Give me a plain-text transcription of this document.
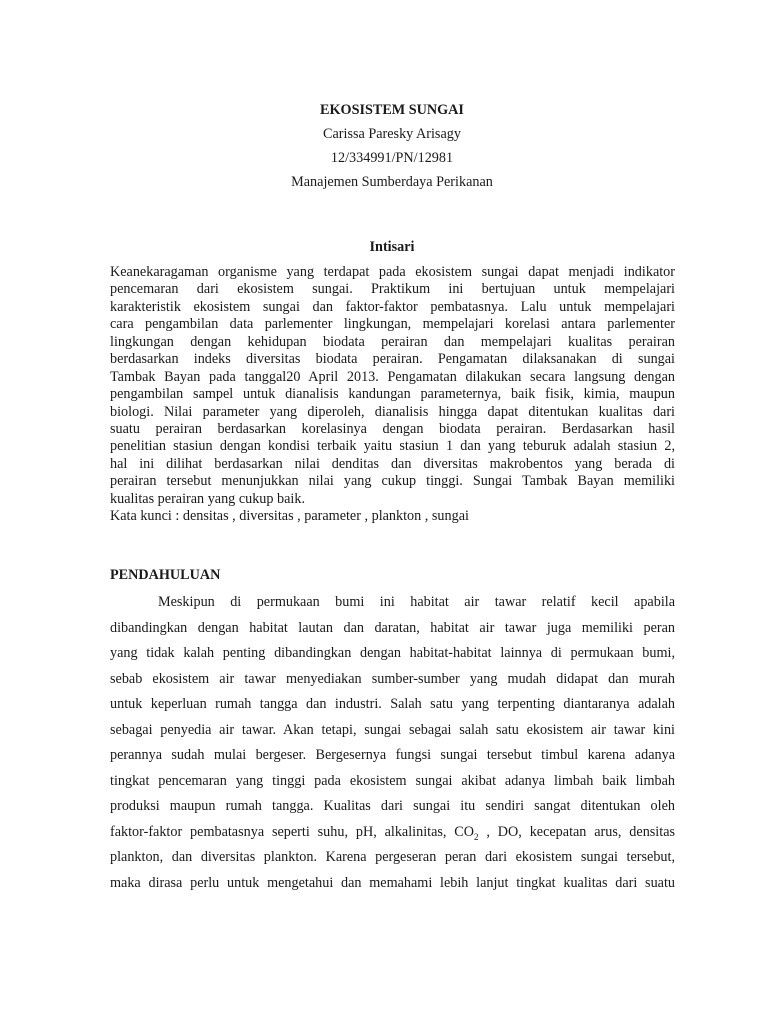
EKOSISTEM SUNGAI
Carissa Paresky Arisagy
12/334991/PN/12981
Manajemen Sumberdaya Perikanan
Intisari
Keanekaragaman organisme yang terdapat pada ekosistem sungai dapat menjadi indikator
pencemaran dari ekosistem sungai. Praktikum ini bertujuan untuk mempelajari
karakteristik ekosistem sungai dan faktor-faktor pembatasnya. Lalu untuk mempelajari
cara pengambilan data parlementer lingkungan, mempelajari korelasi antara parlementer
lingkungan dengan kehidupan biodata perairan dan mempelajari kualitas perairan
berdasarkan indeks diversitas biodata perairan. Pengamatan dilaksanakan di sungai
Tambak Bayan pada tanggal20 April 2013. Pengamatan dilakukan secara langsung dengan
pengambilan sampel untuk dianalisis kandungan parameternya, baik fisik, kimia, maupun
biologi. Nilai parameter yang diperoleh, dianalisis hingga dapat ditentukan kualitas dari
suatu perairan berdasarkan korelasinya dengan biodata perairan. Berdasarkan hasil
penelitian stasiun dengan kondisi terbaik yaitu stasiun 1 dan yang teburuk adalah stasiun 2,
hal ini dilihat berdasarkan nilai denditas dan diversitas makrobentos yang berada di
perairan tersebut menunjukkan nilai yang cukup tinggi. Sungai Tambak Bayan memiliki
kualitas perairan yang cukup baik.
Kata kunci : densitas , diversitas , parameter , plankton , sungai
PENDAHULUAN
Meskipun di permukaan bumi ini habitat air tawar relatif kecil apabila
dibandingkan dengan habitat lautan dan daratan, habitat air tawar juga memiliki peran
yang tidak kalah penting dibandingkan dengan habitat-habitat lainnya di permukaan bumi,
sebab ekosistem air tawar menyediakan sumber-sumber yang mudah didapat dan murah
untuk keperluan rumah tangga dan industri. Salah satu yang terpenting diantaranya adalah
sebagai penyedia air tawar. Akan tetapi, sungai sebagai salah satu ekosistem air tawar kini
perannya sudah mulai bergeser. Bergesernya fungsi sungai tersebut timbul karena adanya
tingkat pencemaran yang tinggi pada ekosistem sungai akibat adanya limbah baik limbah
produksi maupun rumah tangga. Kualitas dari sungai itu sendiri sangat ditentukan oleh
faktor-faktor pembatasnya seperti suhu, pH, alkalinitas, $CO_2$ , DO, kecepatan arus, densitas
plankton, dan diversitas plankton. Karena pergeseran peran dari ekosistem sungai tersebut,
maka dirasa perlu untuk mengetahui dan memahami lebih lanjut tingkat kualitas dari suatu
